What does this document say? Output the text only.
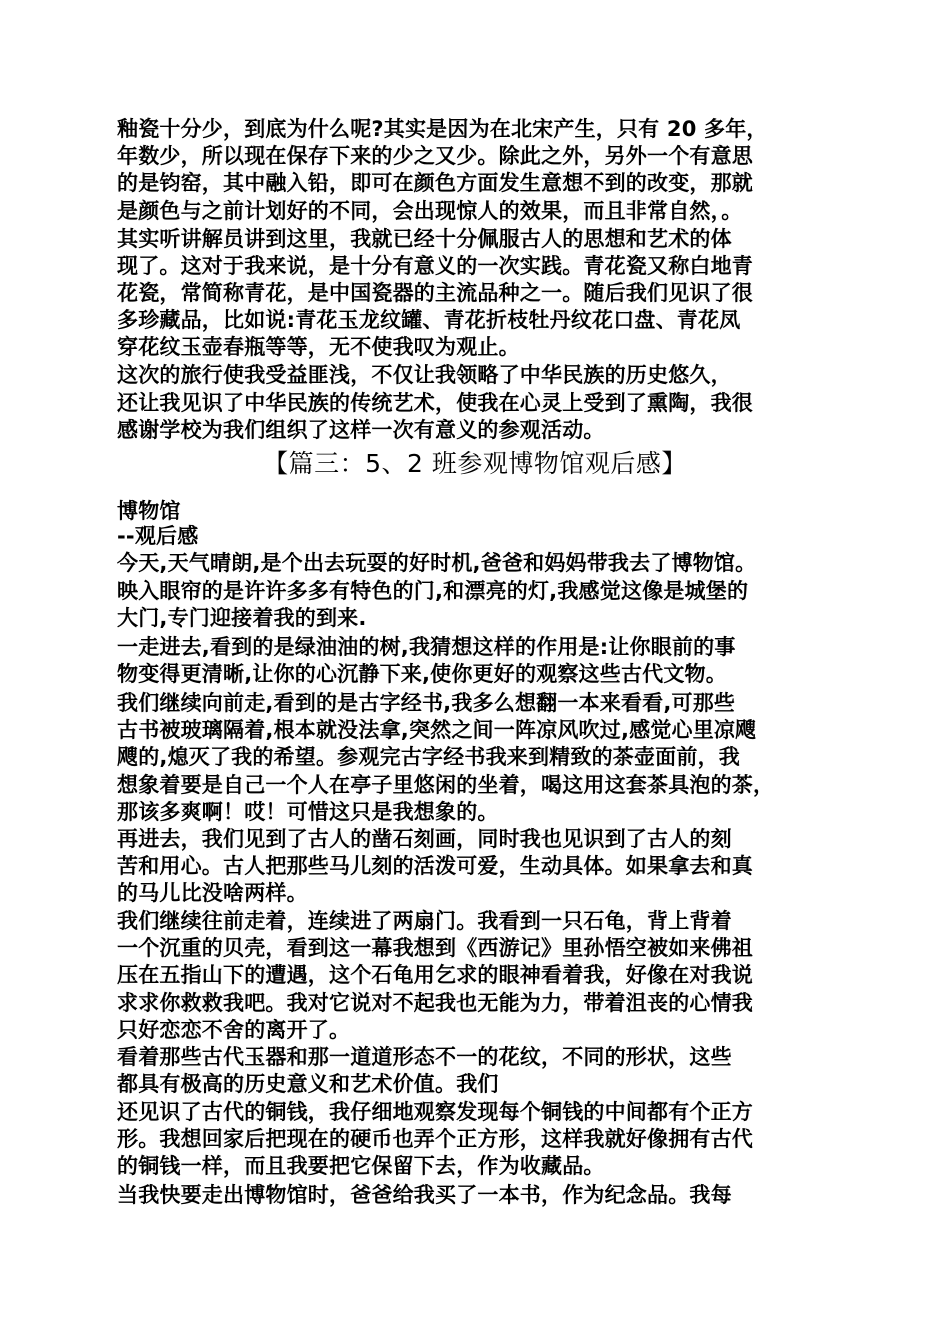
釉瓷十分少，到底为什么呢?其实是因为在北宋产生，只有 20 多年，
年数少，所以现在保存下来的少之又少。除此之外，另外一个有意思
的是钧窑，其中融入铅，即可在颜色方面发生意想不到的改变，那就
是颜色与之前计划好的不同，会出现惊人的效果，而且非常自然，。
其实听讲解员讲到这里，我就已经十分佩服古人的思想和艺术的体
现了。这对于我来说，是十分有意义的一次实践。青花瓷又称白地青
花瓷，常简称青花，是中国瓷器的主流品种之一。随后我们见识了很
多珍藏品，比如说:青花玉龙纹罐、青花折枝牡丹纹花口盘、青花凤
穿花纹玉壶春瓶等等，无不使我叹为观止。
这次的旅行使我受益匪浅，不仅让我领略了中华民族的历史悠久，
还让我见识了中华民族的传统艺术，使我在心灵上受到了熏陶，我很
感谢学校为我们组织了这样一次有意义的参观活动。
【篇三：5、2 班参观博物馆观后感】
博物馆
--观后感
今天,天气晴朗,是个出去玩耍的好时机,爸爸和妈妈带我去了博物馆。
映入眼帘的是许许多多有特色的门,和漂亮的灯,我感觉这像是城堡的
大门,专门迎接着我的到来.
一走进去,看到的是绿油油的树,我猜想这样的作用是:让你眼前的事
物变得更清晰,让你的心沉静下来,使你更好的观察这些古代文物。
我们继续向前走,看到的是古字经书,我多么想翻一本来看看,可那些
古书被玻璃隔着,根本就没法拿,突然之间一阵凉风吹过,感觉心里凉飕
飕的,熄灭了我的希望。参观完古字经书我来到精致的茶壶面前，我
想象着要是自己一个人在亭子里悠闲的坐着，喝这用这套茶具泡的茶，
那该多爽啊！哎！可惜这只是我想象的。
再进去，我们见到了古人的凿石刻画，同时我也见识到了古人的刻
苦和用心。古人把那些马儿刻的活泼可爱，生动具体。如果拿去和真
的马儿比没啥两样。
我们继续往前走着，连续进了两扇门。我看到一只石龟，背上背着
一个沉重的贝壳，看到这一幕我想到《西游记》里孙悟空被如来佛祖
压在五指山下的遭遇，这个石龟用乞求的眼神看着我，好像在对我说
求求你救救我吧。我对它说对不起我也无能为力，带着沮丧的心情我
只好恋恋不舍的离开了。
看着那些古代玉器和那一道道形态不一的花纹，不同的形状，这些
都具有极高的历史意义和艺术价值。我们
还见识了古代的铜钱，我仔细地观察发现每个铜钱的中间都有个正方
形。我想回家后把现在的硬币也弄个正方形，这样我就好像拥有古代
的铜钱一样，而且我要把它保留下去，作为收藏品。
当我快要走出博物馆时，爸爸给我买了一本书，作为纪念品。我每
